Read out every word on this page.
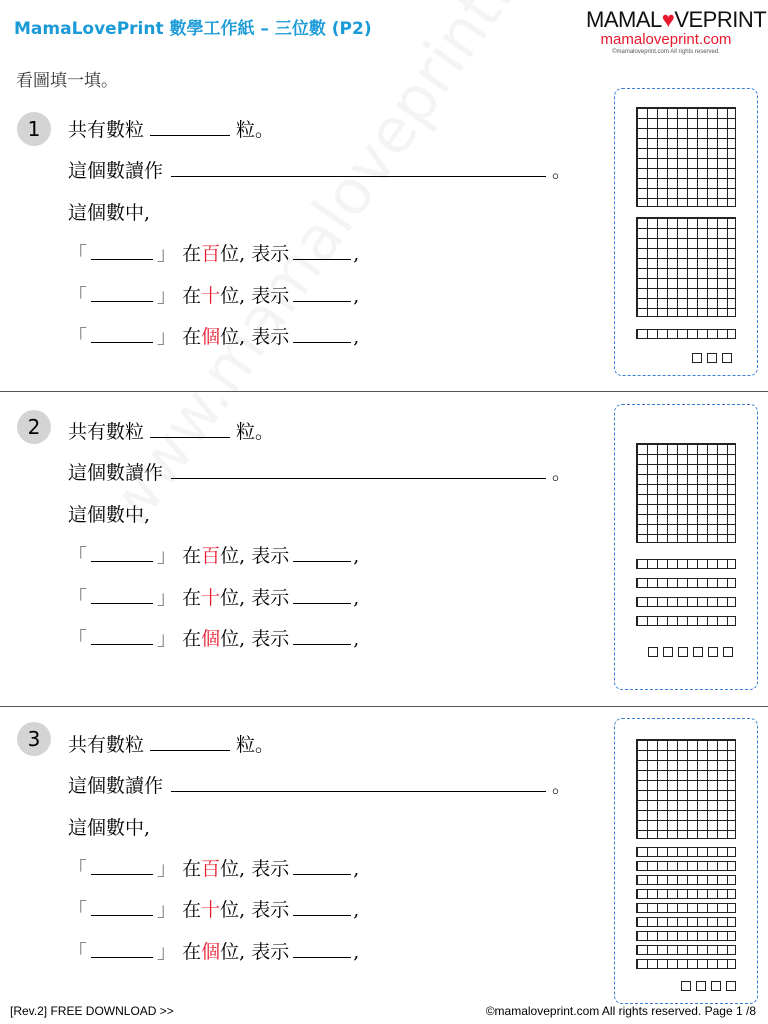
MamaLovePrint 數學工作紙 – 三位數 (P2)	MAMAL♥VEPRINT
mamaloveprint.com
©mamaloveprint.com All rights reserved.
看圖填一填。
1	共有數粒	粒。
這個數讀作	。
這個數中,
「	」 在百位, 表示	,
「	」 在十位, 表示	,
「	」 在個位, 表示	,
2	共有數粒	粒。
這個數讀作	。
這個數中,
「	」 在百位, 表示	,
「	」 在十位, 表示	,
「	」 在個位, 表示	,
3	共有數粒	粒。
這個數讀作	。
這個數中,
「	」 在百位, 表示	,
「	」 在十位, 表示	,
「	」 在個位, 表示	,
[Rev.2] FREE DOWNLOAD >>	©mamaloveprint.com All rights reserved. Page 1 /8
